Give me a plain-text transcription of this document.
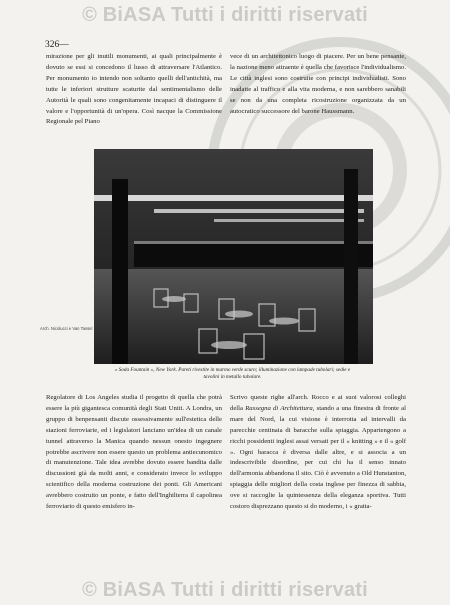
© BiASA Tutti i diritti riservati
326—

mirazione per gli inutili monumenti, ai quali principalmente è dovuto se essi si concedono il lusso di attraversare l'Atlantico. Per monumento io intendo non soltanto quelli dell'antichità, ma tutte le inferiori strutture scaturite dal sentimentalismo delle Autorità le quali sono congenitamente incapaci di distinguere il valore e l'opportunità di un'opera. Così nacque la Commissione Regionale pel Piano

vece di un architettonico luogo di piacere. Per un bene pensante, la nazione meno attraente è quella che favorisce l'individualismo. Le città inglesi sono costruite con principi individualisti. Sono inadatte al traffico e alla vita moderna, e non sarebbero sanabili se non da una completa ricostruzione organizzata da un autocratico successore del barone Haussmann.

Arch. Nicolucci e Van Tassel
« Soda Fountain », New York. Pareti rivestite in marmo verde scuro; illuminazione con lampade tubolari; sedie e tavolini in metallo tubolare.

Regolatore di Los Angeles studia il progetto di quella che potrà essere la più gigantesca comunità degli Stati Uniti. A Londra, un gruppo di benpensanti discute ossessivamente sull'estetica delle stazioni ferroviarie, ed i legislatori lanciano un'idea di un canale tunnel attraverso la Manica quando nessun onesto ingegnere potrebbe ascrivere non essere questo un problema antiecunomico di manutenzione. Tale idea avrebbe dovuto essere bandita dalle discussioni già da molti anni, e considerato invece lo sviluppo scientifico della moderna costruzione dei ponti. Gli Americani avrebbero costruito un ponte, e fatto dell'Inghilterra il capolinea ferroviario di questo emisfero in-

Scrivo queste righe all'arch. Rocco e ai suoi valorosi colleghi della Rassegna di Architettura, stando a una finestra di fronte al mare del Nord, la cui visione è interrotta ad intervalli da parecchie centinaia di baracche sulla spiaggia. Appartengono a ricchi possidenti inglesi assai versati per il « knitting » e il « golf ». Ogni baracca è diversa dalle altre, e si associa a un indescrivibile disordine, per cui chi ha il senso innato dell'armonia abbandona il sito. Ciò è avvenuto a Old Hunstanton, spiaggia delle migliori della costa inglese per finezza di sabbia, ove si raccoglie la quintessenza della eleganza sportiva. Tutti costoro disprezzano questo si do moderno, i « gratta-

© BiASA Tutti i diritti riservati
